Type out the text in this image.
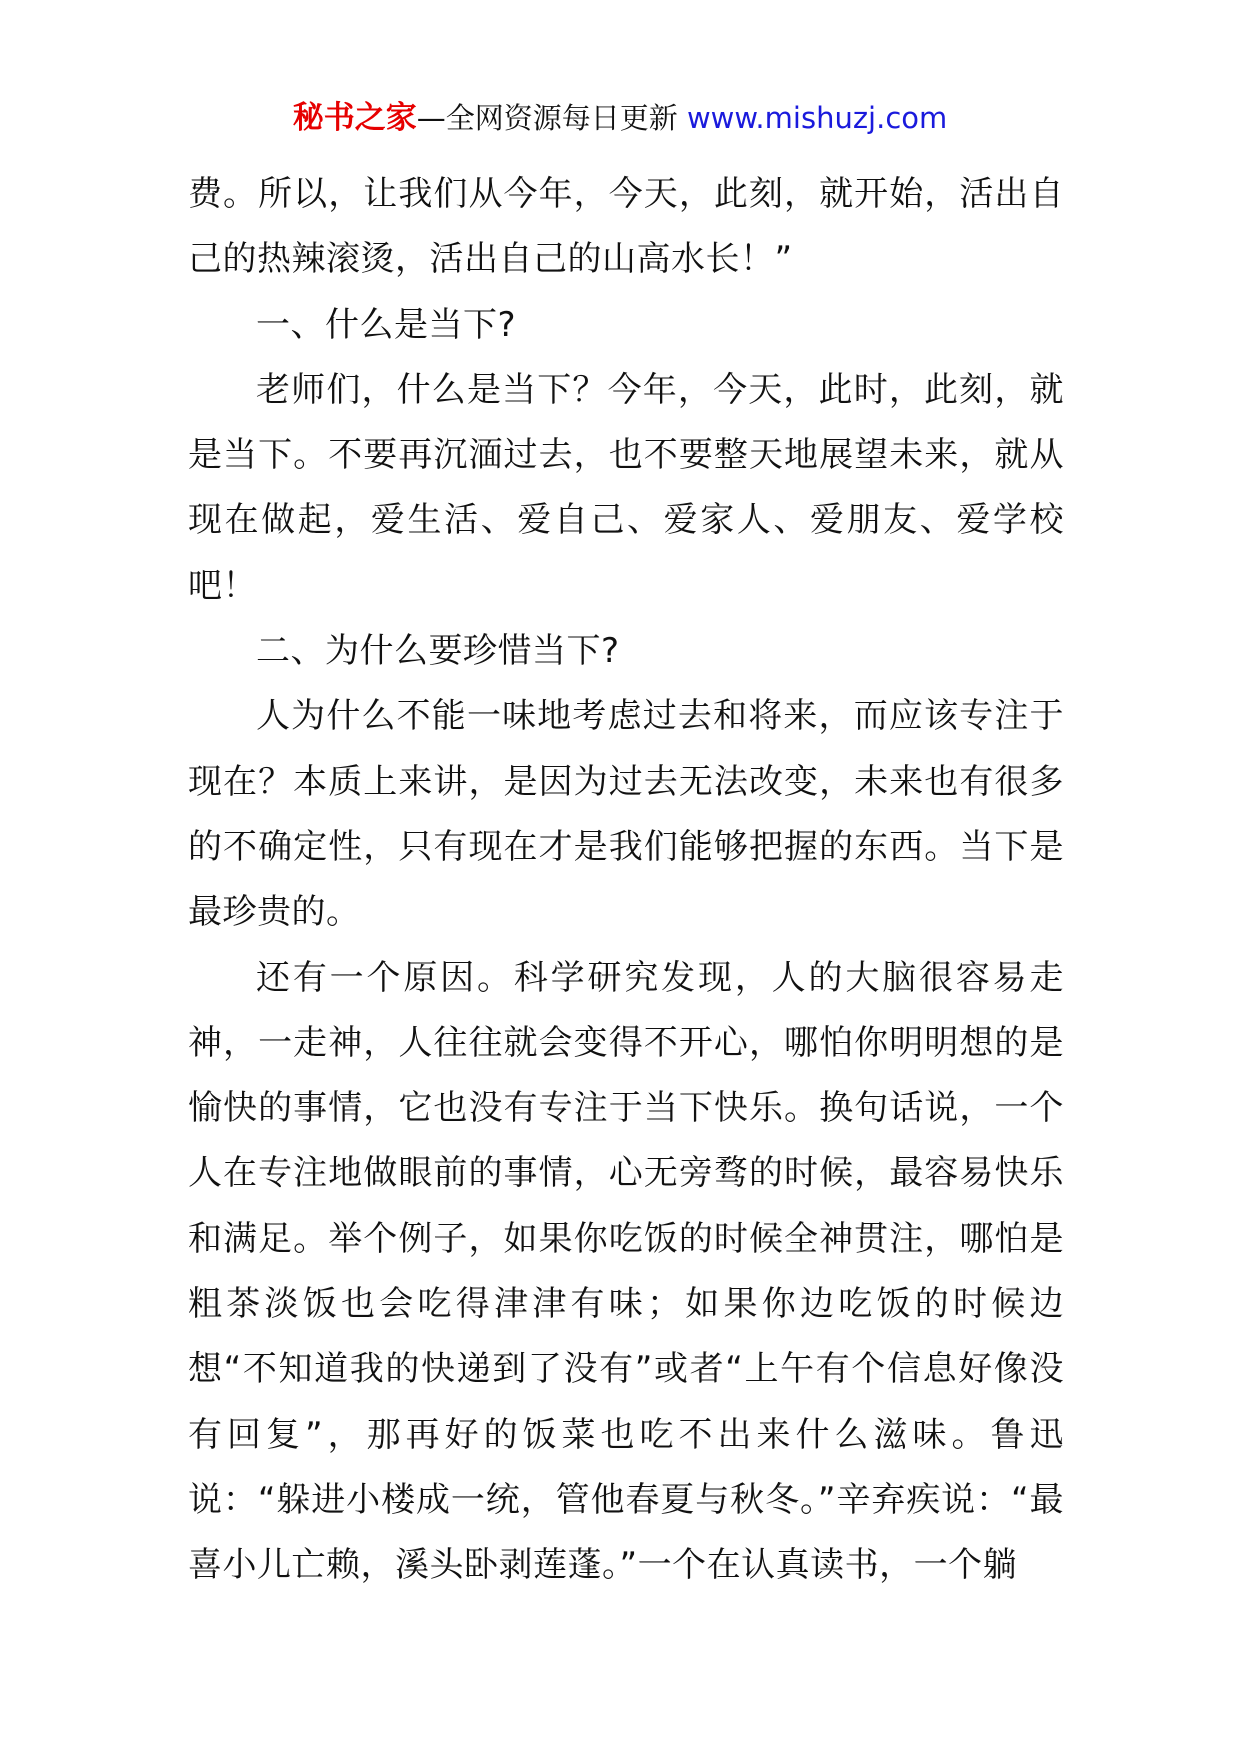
秘书之家—全网资源每日更新 www.mishuzj.com

费。所以，让我们从今年，今天，此刻，就开始，活出自己的热辣滚烫，活出自己的山高水长！”

一、什么是当下?

老师们，什么是当下？今年，今天，此时，此刻，就是当下。不要再沉湎过去，也不要整天地展望未来，就从现在做起，爱生活、爱自己、爱家人、爱朋友、爱学校吧！

二、为什么要珍惜当下?

人为什么不能一味地考虑过去和将来，而应该专注于现在？本质上来讲，是因为过去无法改变，未来也有很多的不确定性，只有现在才是我们能够把握的东西。当下是最珍贵的。

还有一个原因。科学研究发现，人的大脑很容易走神，一走神，人往往就会变得不开心，哪怕你明明想的是愉快的事情，它也没有专注于当下快乐。换句话说，一个人在专注地做眼前的事情，心无旁骛的时候，最容易快乐和满足。举个例子，如果你吃饭的时候全神贯注，哪怕是粗茶淡饭也会吃得津津有味；如果你边吃饭的时候边想“不知道我的快递到了没有”或者“上午有个信息好像没有回复”，那再好的饭菜也吃不出来什么滋味。鲁迅说：“躲进小楼成一统，管他春夏与秋冬。”辛弃疾说：“最喜小儿亡赖，溪头卧剥莲蓬。”一个在认真读书，一个躺
